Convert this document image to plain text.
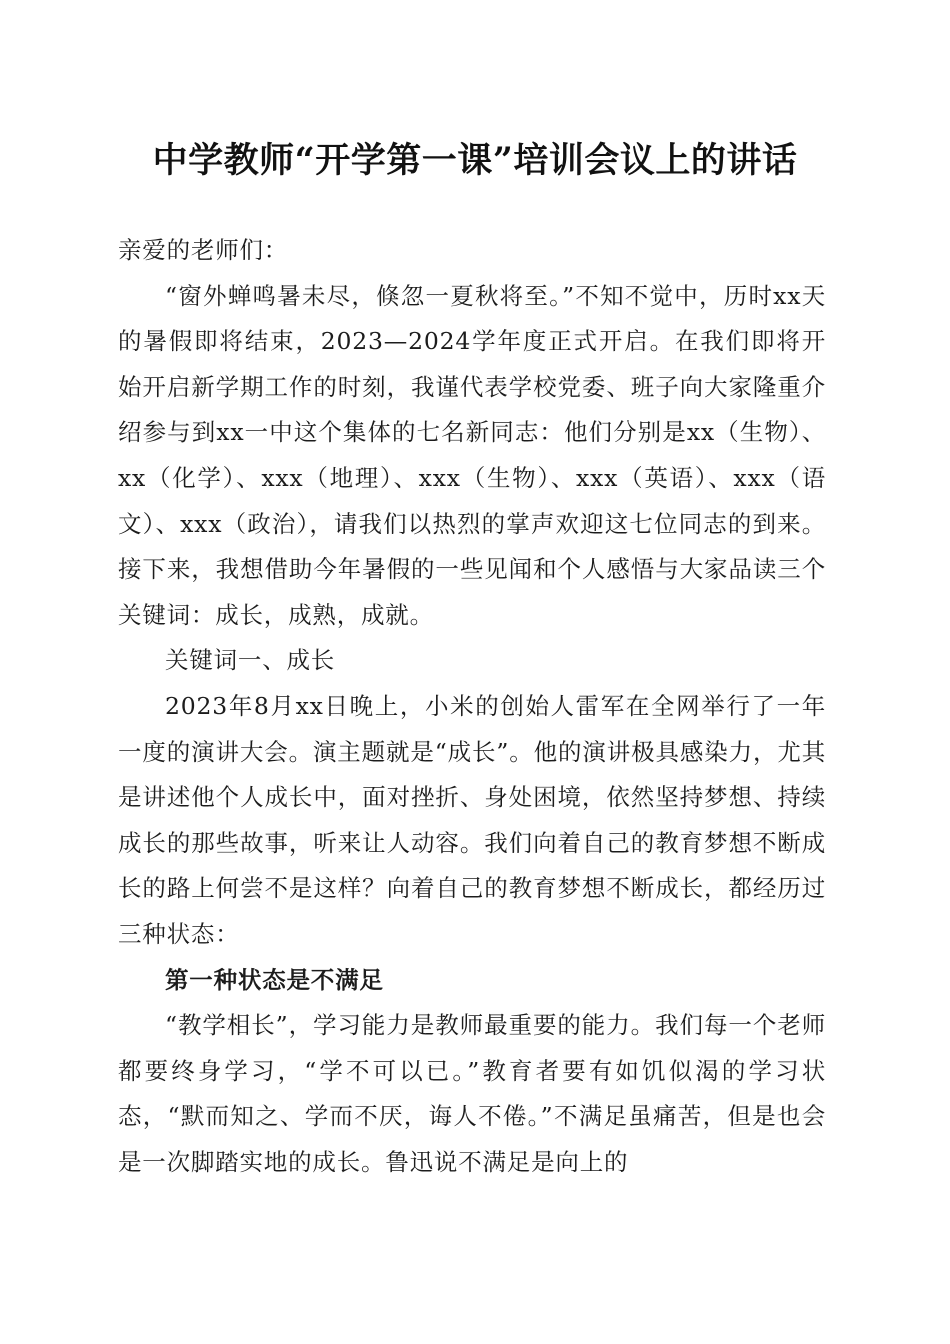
中学教师“开学第一课”培训会议上的讲话

亲爱的老师们：

“窗外蝉鸣暑未尽，倏忽一夏秋将至。”不知不觉中，历时xx天的暑假即将结束，2023—2024学年度正式开启。在我们即将开始开启新学期工作的时刻，我谨代表学校党委、班子向大家隆重介绍参与到xx一中这个集体的七名新同志：他们分别是xx（生物）、xx（化学）、xxx（地理）、xxx（生物）、xxx（英语）、xxx（语文）、xxx（政治），请我们以热烈的掌声欢迎这七位同志的到来。接下来，我想借助今年暑假的一些见闻和个人感悟与大家品读三个关键词：成长，成熟，成就。

关键词一、成长

2023年8月xx日晚上，小米的创始人雷军在全网举行了一年一度的演讲大会。演主题就是“成长”。他的演讲极具感染力，尤其是讲述他个人成长中，面对挫折、身处困境，依然坚持梦想、持续成长的那些故事，听来让人动容。我们向着自己的教育梦想不断成长的路上何尝不是这样？向着自己的教育梦想不断成长，都经历过三种状态：

第一种状态是不满足

“教学相长”，学习能力是教师最重要的能力。我们每一个老师都要终身学习，“学不可以已。”教育者要有如饥似渴的学习状态，“默而知之、学而不厌，诲人不倦。”不满足虽痛苦，但是也会是一次脚踏实地的成长。鲁迅说不满足是向上的
